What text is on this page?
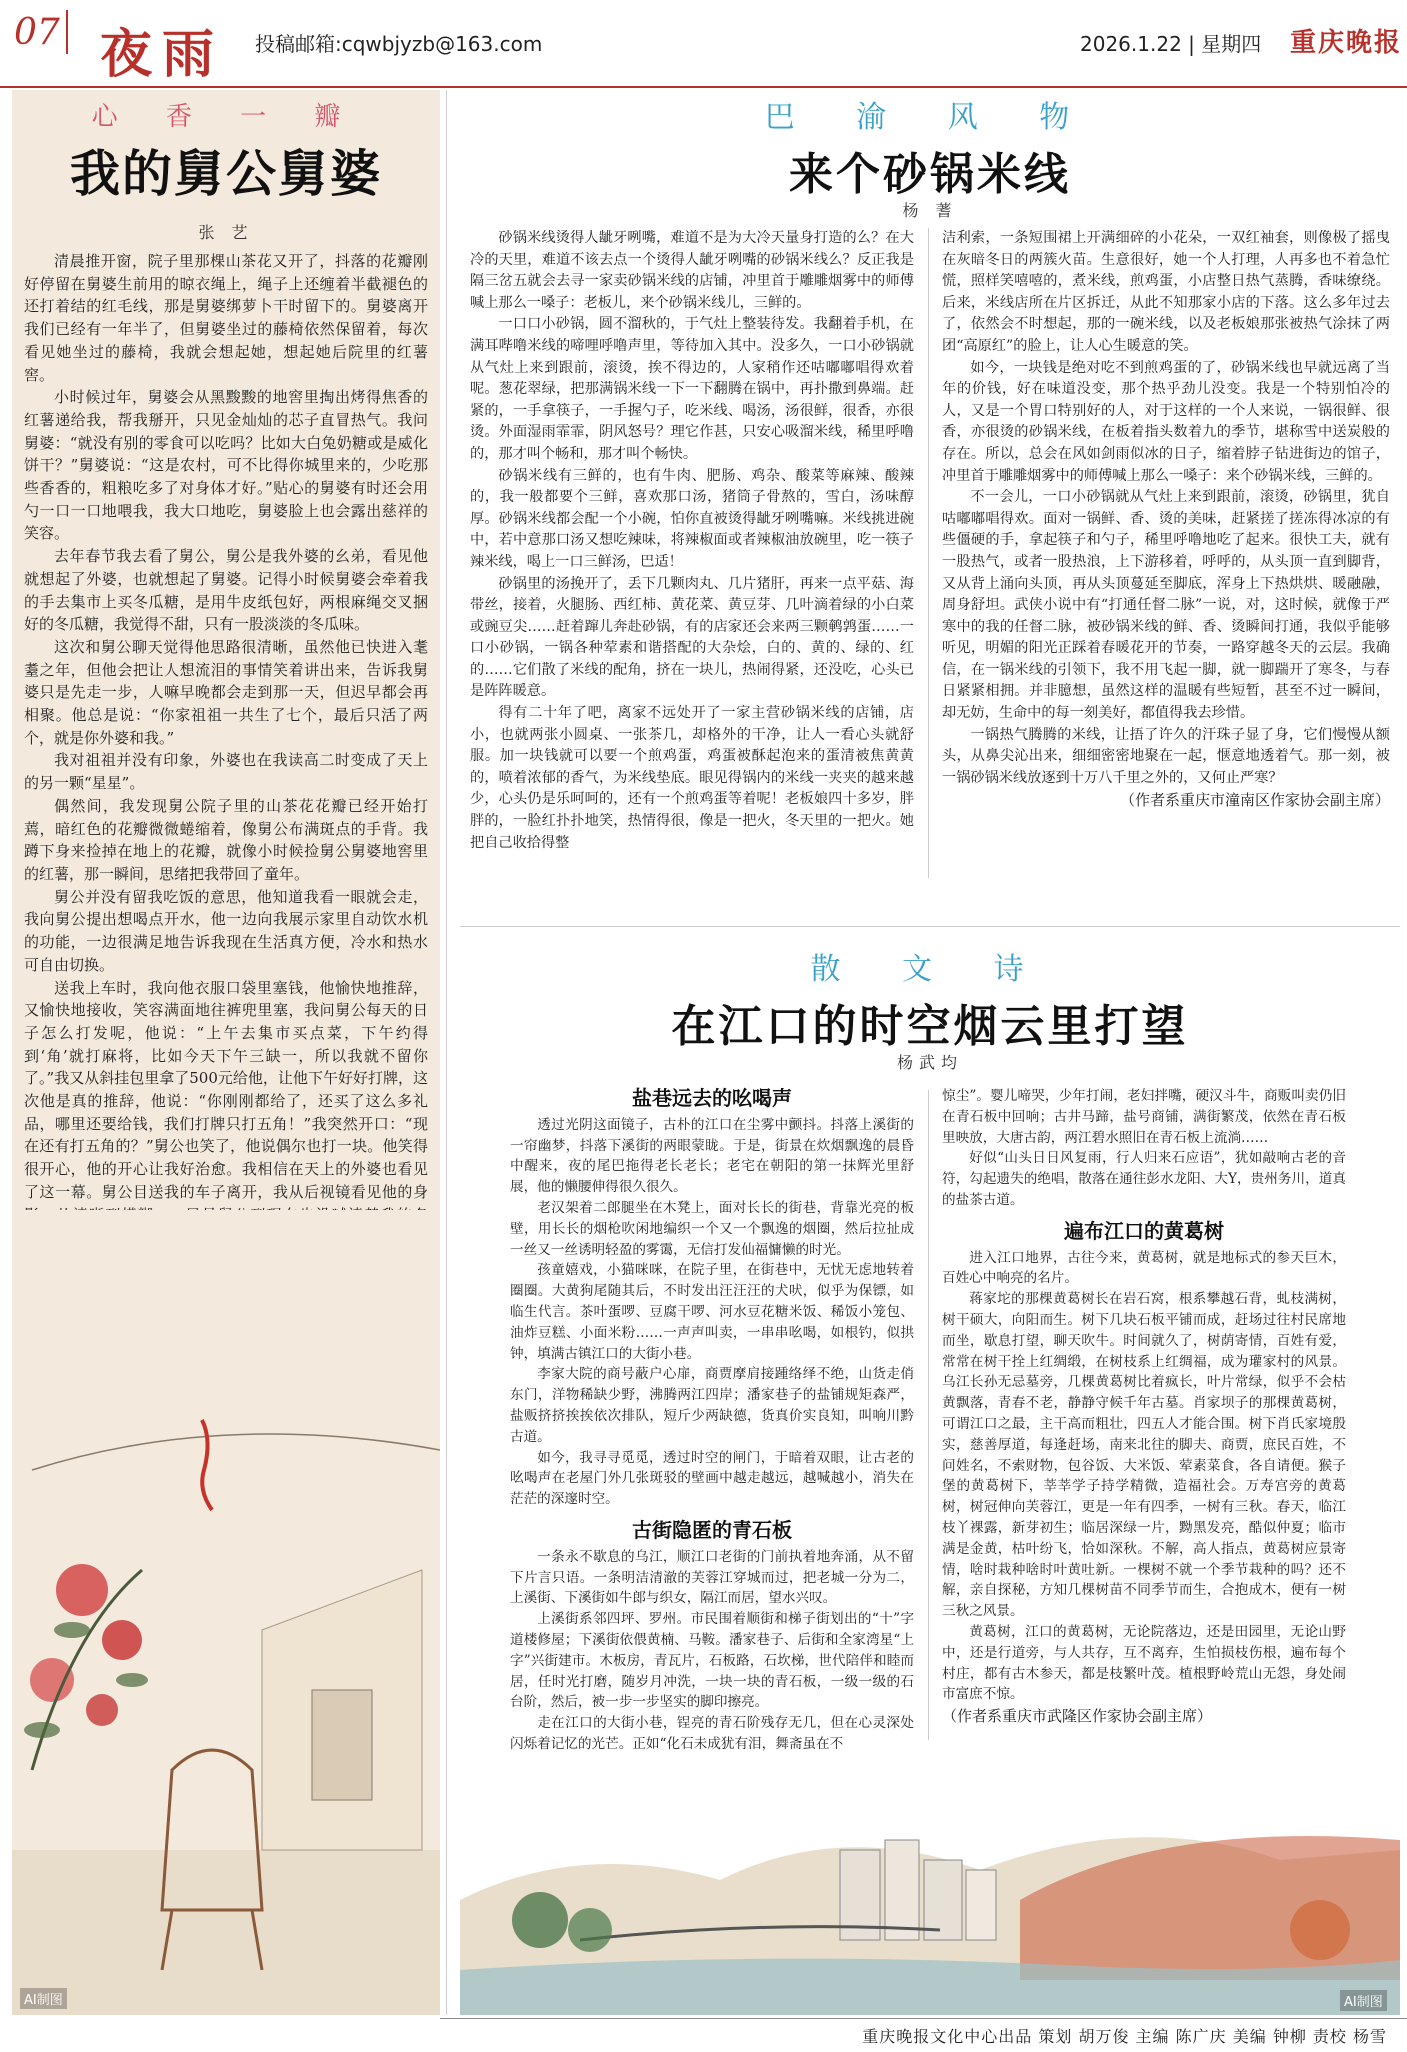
07 夜雨 投稿邮箱:cqwbjyzb@163.com	2026.1.22 | 星期四 重庆晚报
心 香 一 瓣
我的舅公舅婆
张 艺

清晨推开窗，院子里那棵山茶花又开了，抖落的花瓣刚好停留在舅婆生前用的晾衣绳上，绳子上还缠着半截褪色的还打着结的红毛线，那是舅婆绑萝卜干时留下的。舅婆离开我们已经有一年半了，但舅婆坐过的藤椅依然保留着，每次看见她坐过的藤椅，我就会想起她，想起她后院里的红薯窖。

小时候过年，舅婆会从黑黢黢的地窖里掏出烤得焦香的红薯递给我，帮我掰开，只见金灿灿的芯子直冒热气。我问舅婆：“就没有别的零食可以吃吗？比如大白兔奶糖或是威化饼干？”舅婆说：“这是农村，可不比得你城里来的，少吃那些香香的，粗粮吃多了对身体才好。”贴心的舅婆有时还会用勺一口一口地喂我，我大口地吃，舅婆脸上也会露出慈祥的笑容。

去年春节我去看了舅公，舅公是我外婆的幺弟，看见他就想起了外婆，也就想起了舅婆。记得小时候舅婆会牵着我的手去集市上买冬瓜糖，是用牛皮纸包好，两根麻绳交叉捆好的冬瓜糖，我觉得不甜，只有一股淡淡的冬瓜味。

这次和舅公聊天觉得他思路很清晰，虽然他已快进入耄耋之年，但他会把让人想流泪的事情笑着讲出来，告诉我舅婆只是先走一步，人嘛早晚都会走到那一天，但迟早都会再相聚。他总是说：“你家祖祖一共生了七个，最后只活了两个，就是你外婆和我。”

我对祖祖并没有印象，外婆也在我读高二时变成了天上的另一颗“星星”。

偶然间，我发现舅公院子里的山茶花花瓣已经开始打蔫，暗红色的花瓣微微蜷缩着，像舅公布满斑点的手背。我蹲下身来捡掉在地上的花瓣，就像小时候捡舅公舅婆地窖里的红薯，那一瞬间，思绪把我带回了童年。

舅公并没有留我吃饭的意思，他知道我看一眼就会走，我向舅公提出想喝点开水，他一边向我展示家里自动饮水机的功能，一边很满足地告诉我现在生活真方便，冷水和热水可自由切换。

送我上车时，我向他衣服口袋里塞钱，他愉快地推辞，又愉快地接收，笑容满面地往裤兜里塞，我问舅公每天的日子怎么打发呢，他说：“上午去集市买点菜，下午约得到‘角’就打麻将，比如今天下午三缺一，所以我就不留你了。”我又从斜挂包里拿了500元给他，让他下午好好打牌，这次他是真的推辞，他说：“你刚刚都给了，还买了这么多礼品，哪里还要给钱，我们打牌只打五角！”我突然开口：“现在还有打五角的？”舅公也笑了，他说偶尔也打一块。他笑得很开心，他的开心让我好治愈。我相信在天上的外婆也看见了这一幕。舅公目送我的车子离开，我从后视镜看见他的身

AI制图
巴 渝 风 物
来个砂锅米线
杨 蓍

砂锅米线烫得人龇牙咧嘴，难道不是为大冷天量身打造的么？在大冷的天里，难道不该去点一个烫得人龇牙咧嘴的砂锅米线么？反正我是隔三岔五就会去寻一家卖砂锅米线的店铺，冲里首于雕雕烟雾中的师傅喊上那么一嗓子：老板儿，来个砂锅米线儿，三鲜的。

一口口小砂锅，圆不溜秋的，于气灶上整装待发。我翻着手机，在满耳哔噜米线的啼哩呼噜声里，等待加入其中。没多久，一口小砂锅就从气灶上来到跟前，滚烫，挨不得边的，人家稍作还咕嘟嘟唱得欢着呢。葱花翠绿，把那满锅米线一下一下翻腾在锅中，再扑撒到鼻端。赶紧的，一手拿筷子，一手握勺子，吃米线、喝汤，汤很鲜，很香，亦很烫。外面湿雨霏霏，阴风怒号？理它作甚，只安心吸溜米线，稀里呼噜的，那才叫个畅和，那才叫个畅快。

砂锅米线有三鲜的，也有牛肉、肥肠、鸡杂、酸菜等麻辣、酸辣的，我一般都要个三鲜，喜欢那口汤，猪筒子骨熬的，雪白，汤味醇厚。砂锅米线都会配一个小碗，怕你直被烫得龇牙咧嘴嘛。米线挑进碗中，若中意那口汤又想吃辣味，将辣椒面或者辣椒油放碗里，吃一筷子辣米线，喝上一口三鲜汤，巴适！

砂锅里的汤挽开了，丢下几颗肉丸、几片猪肝，再来一点平菇、海带丝，接着，火腿肠、西红柿、黄花菜、黄豆芽、几叶滴着绿的小白菜或豌豆尖……赶着蹿儿奔赴砂锅，有的店家还会来两三颗鹌鹑蛋……一口小砂锅，一锅各种荤素和谐搭配的大杂烩，白的、黄的、绿的、红的……它们散了米线的配角，挤在一块儿，热闹得紧，还没吃，心头已是阵阵暖意。

得有二十年了吧，离家不远处开了一家主营砂锅米线的店铺，店小，也就两张小圆桌、一张茶几，却格外的干净，让人一看心头就舒服。加一块钱就可以要一个煎鸡蛋，鸡蛋被酥起泡来的蛋清被焦黄黄的，喷着浓郁的香气，为米线垫底。眼见得锅内的米线一夹夹的越来越少，心头仍是乐呵呵的，还有一个煎鸡蛋等着呢！老板娘四十多岁，胖胖的，一脸红扑扑地笑，热情得很，像是一把火，冬天里的一把火。她把自己收拾得整

洁利索，一条短围裙上开满细碎的小花朵，一双红袖套，则像极了摇曳在灰暗冬日的两簇火苗。生意很好，她一个人打理，人再多也不着急忙慌，照样笑嘻嘻的，煮米线，煎鸡蛋，小店整日热气蒸腾，香味缭绕。后来，米线店所在片区拆迁，从此不知那家小店的下落。这么多年过去了，依然会不时想起，那的一碗米线，以及老板娘那张被热气涂抹了两团“高原红”的脸上，让人心生暖意的笑。

如今，一块钱是绝对吃不到煎鸡蛋的了，砂锅米线也早就远离了当年的价钱，好在味道没变，那个热乎劲儿没变。我是一个特别怕冷的人，又是一个胃口特别好的人，对于这样的一个人来说，一锅很鲜、很香，亦很烫的砂锅米线，在板着指头数着九的季节，堪称雪中送炭般的存在。所以，总会在风如剑雨似冰的日子，缩着脖子钻进街边的馆子，冲里首于雕雕烟雾中的师傅喊上那么一嗓子：来个砂锅米线，三鲜的。

不一会儿，一口小砂锅就从气灶上来到跟前，滚烫，砂锅里，犹自咕嘟嘟唱得欢。面对一锅鲜、香、烫的美味，赶紧搓了搓冻得冰凉的有些僵硬的手，拿起筷子和勺子，稀里呼噜地吃了起来。很快工夫，就有一股热气，或者一股热浪，上下游移着，呼呼的，从头顶一直到脚背，又从背上涌向头顶，再从头顶蔓延至脚底，浑身上下热烘烘、暖融融，周身舒坦。武侠小说中有“打通任督二脉”一说，对，这时候，就像于严寒中的我的任督二脉，被砂锅米线的鲜、香、烫瞬间打通，我似乎能够听见，明媚的阳光正踩着春暖花开的节奏，一路穿越冬天的云层。我确信，在一锅米线的引领下，我不用飞起一脚，就一脚踹开了寒冬，与春日紧紧相拥。并非臆想，虽然这样的温暖有些短暂，甚至不过一瞬间，却无妨，生命中的每一刻美好，都值得我去珍惜。

一锅热气腾腾的米线，让捂了许久的汗珠子显了身，它们慢慢从额头，从鼻尖沁出来，细细密密地聚在一起，惬意地透着气。那一刻，被一锅砂锅米线放逐到十万八千里之外的，又何止严寒？

（作者系重庆市潼南区作家协会副主席）
散 文 诗
在江口的时空烟云里打望
杨武均
盐巷远去的吆喝声

透过光阴这面镜子，古朴的江口在尘雾中颤抖。抖落上溪街的一帘幽梦，抖落下溪街的两眼蒙眬。于是，街景在炊烟飘逸的晨昏中醒来，夜的尾巴拖得老长老长；老宅在朝阳的第一抹辉光里舒展，他的懒腰伸得很久很久。

老汉架着二郎腿坐在木凳上，面对长长的街巷，背靠光亮的板壁，用长长的烟枪吹闲地编织一个又一个飘逸的烟圈，然后拉扯成一丝又一丝诱明轻盈的雾霭，无信打发仙福慵懒的时光。

孩童嬉戏，小猫咪咪，在院子里，在街巷中，无忧无虑地转着圈圈。大黄狗尾随其后，不时发出汪汪汪的犬吠，似乎为保镖，如临生代言。茶叶蛋啰、豆腐干啰、河水豆花糖米饭、稀饭小笼包、油炸豆糕、小面米粉……一声声叫卖，一串串吆喝，如根钓，似拱钟，填满古镇江口的大街小巷。

李家大院的商号蔽户心扉，商贾摩肩接踵络绎不绝，山货走俏东门，洋物稀缺少野，沸腾两江四岸；潘家巷子的盐铺规矩森严，盐贩挤挤挨挨依次排队，短斤少两缺德，货真价实良知，叫响川黔古道。

如今，我寻寻觅觅，透过时空的闸门，于暗着双眼，让古老的吆喝声在老屋门外几张斑驳的壁画中越走越远，越喊越小，消失在茫茫的深邃时空。

古街隐匿的青石板

一条永不歇息的乌江，顺江口老街的门前执着地奔涌，从不留下片言只语。一条明洁清澈的芙蓉江穿城而过，把老城一分为二，上溪街、下溪街如牛郎与织女，隔江而居，望水兴叹。

上溪街系邻四坪、罗州。市民围着顺街和梯子街划出的“十”字道楼修屋；下溪街依偎黄楠、马鞍。潘家巷子、后街和全家湾星“上字”兴街建市。木板房，青瓦片，石板路，石坎梯，世代陪伴和睦而居，任时光打磨，随岁月冲洗，一块一块的青石板，一级一级的石台阶，然后，被一步一步坚实的脚印擦亮。

走在江口的大街小巷，锃亮的青石阶残存无几，但在心灵深处闪烁着记忆的光芒。正如“化石未成犹有泪，舞斋虽在不

惊尘”。婴儿啼哭，少年打闹，老妇拌嘴，硬汉斗牛，商贩叫卖仍旧在青石板中回响；古井马蹄，盐号商铺，满街繁茂，依然在青石板里映放，大唐古韵，两江碧水照旧在青石板上流淌……

好似“山头日日风复雨，行人归来石应语”，犹如敲响古老的音符，勾起遗失的绝唱，散落在通往彭水龙阳、大Y，贵州务川，道真的盐茶古道。

遍布江口的黄葛树

进入江口地界，古往今来，黄葛树，就是地标式的参天巨木，百姓心中响亮的名片。

蒋家坨的那棵黄葛树长在岩石窝，根系攀越石背，虬枝满树，树干硕大，向阳而生。树下几块石板平铺而成，赶场过往村民席地而坐，歇息打望，聊天吹牛。时间就久了，树荫寄情，百姓有爱，常常在树干拴上红绸缎，在树枝系上红绸福，成为瓘家村的风景。乌江长孙无忌墓旁，几棵黄葛树比着疯长，叶片常绿，似乎不会枯黄飘落，青春不老，静静守候千年古墓。肖家坝子的那棵黄葛树，可谓江口之最，主干高而粗壮，四五人才能合围。树下肖氏家境殷实，慈善厚道，每逢赶场，南来北往的脚夫、商贾，庶民百姓，不问姓名，不索财物，包谷饭、大米饭、荤素菜食，各自请便。猴子堡的黄葛树下，莘莘学子持学精微，造福社会。万寿宫旁的黄葛树，树冠伸向芙蓉江，更是一年有四季，一树有三秋。春天，临江枝丫裸露，新芽初生；临居深绿一片，黝黑发亮，酷似仲夏；临市满是金黄，枯叶纷飞，恰如深秋。不解，高人指点，黄葛树应景寄情，啥时栽种啥时叶黄吐新。一棵树不就一个季节栽种的吗？还不解，亲自探秘，方知几棵树苗不同季节而生，合抱成木，便有一树三秋之风景。

黄葛树，江口的黄葛树，无论院落边，还是田园里，无论山野中，还是行道旁，与人共存，互不离弃，生怕损枝伤根，遍布每个村庄，都有古木参天，都是枝繁叶茂。植根野岭荒山无怨，身处闹市富庶不惊。

（作者系重庆市武隆区作家协会副主席）
AI制图
重庆晚报文化中心出品 策划 胡万俊 主编 陈广庆 美编 钟柳 责校 杨雪
